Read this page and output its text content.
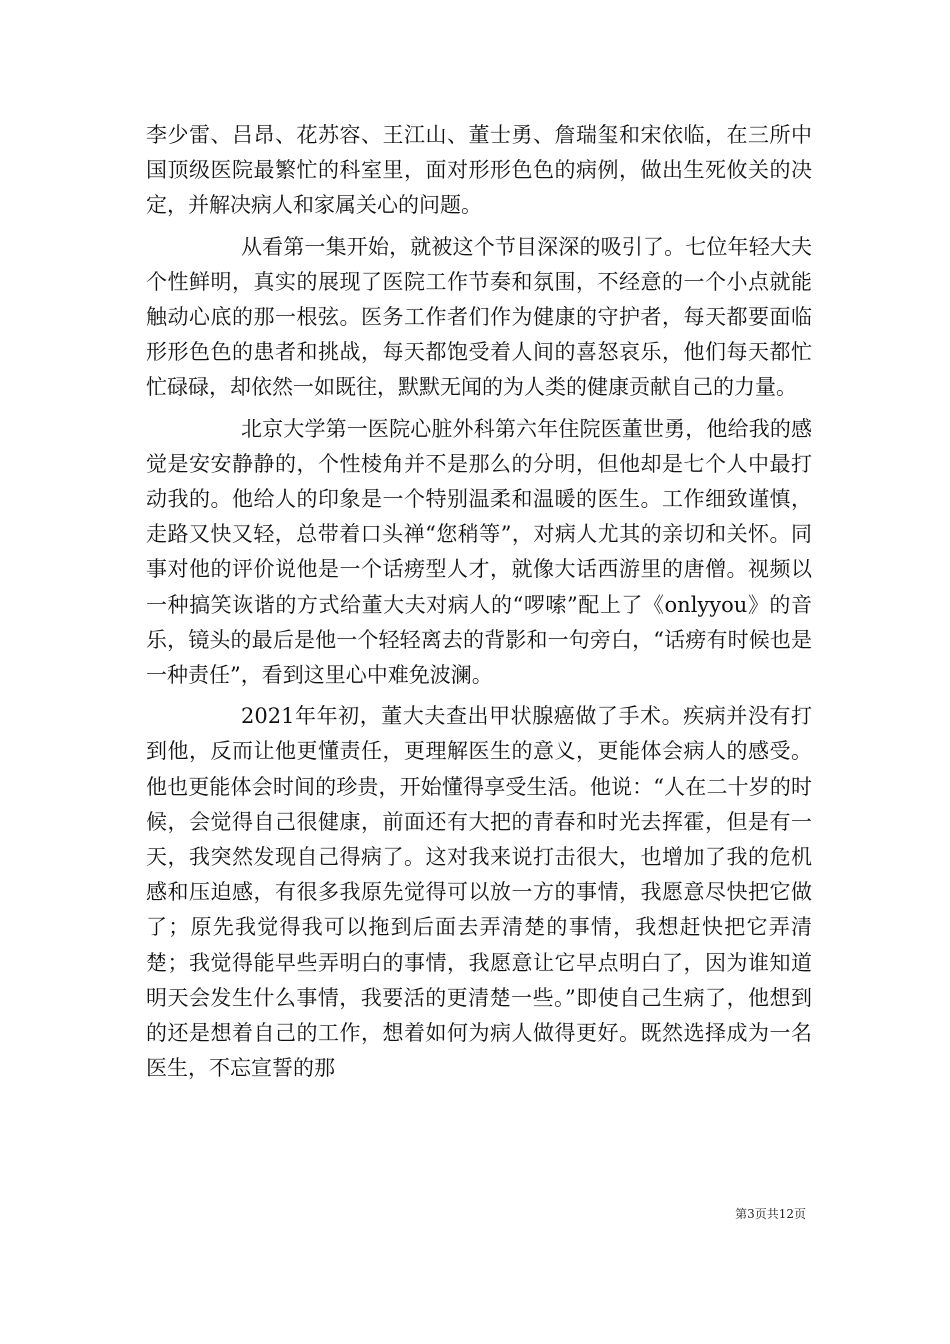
李少雷、吕昂、花苏容、王江山、董士勇、詹瑞玺和宋依临，在三所中国顶级医院最繁忙的科室里，面对形形色色的病例，做出生死攸关的决定，并解决病人和家属关心的问题。

从看第一集开始，就被这个节目深深的吸引了。七位年轻大夫个性鲜明，真实的展现了医院工作节奏和氛围，不经意的一个小点就能触动心底的那一根弦。医务工作者们作为健康的守护者，每天都要面临形形色色的患者和挑战，每天都饱受着人间的喜怒哀乐，他们每天都忙忙碌碌，却依然一如既往，默默无闻的为人类的健康贡献自己的力量。

北京大学第一医院心脏外科第六年住院医董世勇，他给我的感觉是安安静静的，个性棱角并不是那么的分明，但他却是七个人中最打动我的。他给人的印象是一个特别温柔和温暖的医生。工作细致谨慎，走路又快又轻，总带着口头禅“您稍等”，对病人尤其的亲切和关怀。同事对他的评价说他是一个话痨型人才，就像大话西游里的唐僧。视频以一种搞笑诙谐的方式给董大夫对病人的“啰嗦”配上了《onlyyou》的音乐，镜头的最后是他一个轻轻离去的背影和一句旁白，“话痨有时候也是一种责任”，看到这里心中难免波澜。

2021年年初，董大夫查出甲状腺癌做了手术。疾病并没有打到他，反而让他更懂责任，更理解医生的意义，更能体会病人的感受。他也更能体会时间的珍贵，开始懂得享受生活。他说：“人在二十岁的时候，会觉得自己很健康，前面还有大把的青春和时光去挥霍，但是有一天，我突然发现自己得病了。这对我来说打击很大，也增加了我的危机感和压迫感，有很多我原先觉得可以放一方的事情，我愿意尽快把它做了；原先我觉得我可以拖到后面去弄清楚的事情，我想赶快把它弄清楚；我觉得能早些弄明白的事情，我愿意让它早点明白了，因为谁知道明天会发生什么事情，我要活的更清楚一些。”即使自己生病了，他想到的还是想着自己的工作，想着如何为病人做得更好。既然选择成为一名医生，不忘宣誓的那

第3页共12页
